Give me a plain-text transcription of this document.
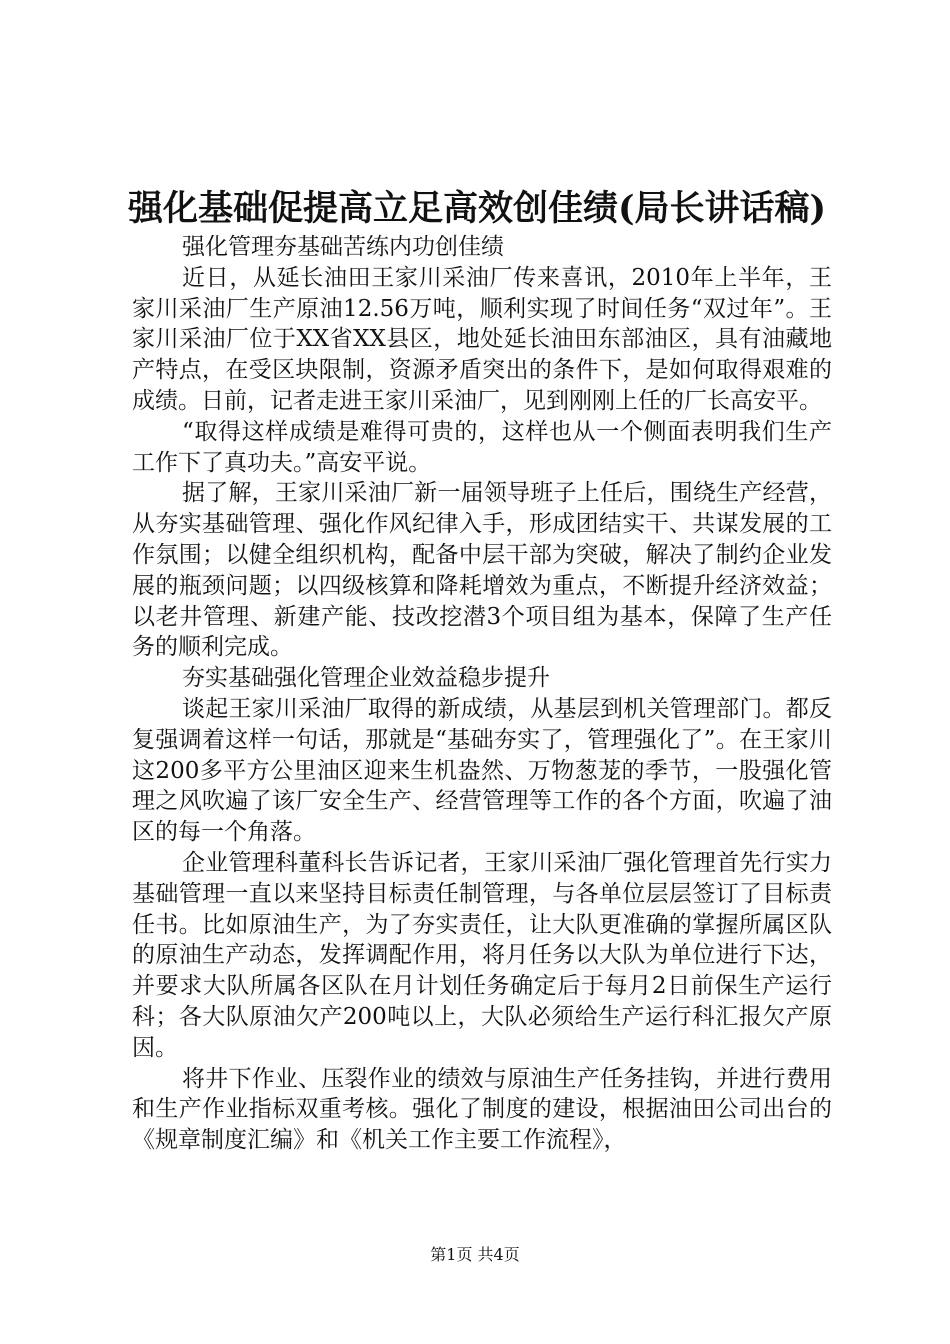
强化基础促提高立足高效创佳绩(局长讲话稿)

强化管理夯基础苦练内功创佳绩

近日，从延长油田王家川采油厂传来喜讯，2010年上半年，王家川采油厂生产原油12.56万吨，顺利实现了时间任务“双过年”。王家川采油厂位于XX省XX县区，地处延长油田东部油区，具有油藏地产特点，在受区块限制，资源矛盾突出的条件下，是如何取得艰难的成绩。日前，记者走进王家川采油厂，见到刚刚上任的厂长高安平。

“取得这样成绩是难得可贵的，这样也从一个侧面表明我们生产工作下了真功夫。”高安平说。

据了解，王家川采油厂新一届领导班子上任后，围绕生产经营，从夯实基础管理、强化作风纪律入手，形成团结实干、共谋发展的工作氛围；以健全组织机构，配备中层干部为突破，解决了制约企业发展的瓶颈问题；以四级核算和降耗增效为重点，不断提升经济效益；以老井管理、新建产能、技改挖潜3个项目组为基本，保障了生产任务的顺利完成。

夯实基础强化管理企业效益稳步提升

谈起王家川采油厂取得的新成绩，从基层到机关管理部门。都反复强调着这样一句话，那就是“基础夯实了，管理强化了”。在王家川这200多平方公里油区迎来生机盎然、万物葱茏的季节，一股强化管理之风吹遍了该厂安全生产、经营管理等工作的各个方面，吹遍了油区的每一个角落。

企业管理科董科长告诉记者，王家川采油厂强化管理首先行实力基础管理一直以来坚持目标责任制管理，与各单位层层签订了目标责任书。比如原油生产，为了夯实责任，让大队更准确的掌握所属区队的原油生产动态，发挥调配作用，将月任务以大队为单位进行下达，并要求大队所属各区队在月计划任务确定后于每月2日前保生产运行科；各大队原油欠产200吨以上，大队必须给生产运行科汇报欠产原因。

将井下作业、压裂作业的绩效与原油生产任务挂钩，并进行费用和生产作业指标双重考核。强化了制度的建设，根据油田公司出台的《规章制度汇编》和《机关工作主要工作流程》，

第1页 共4页
